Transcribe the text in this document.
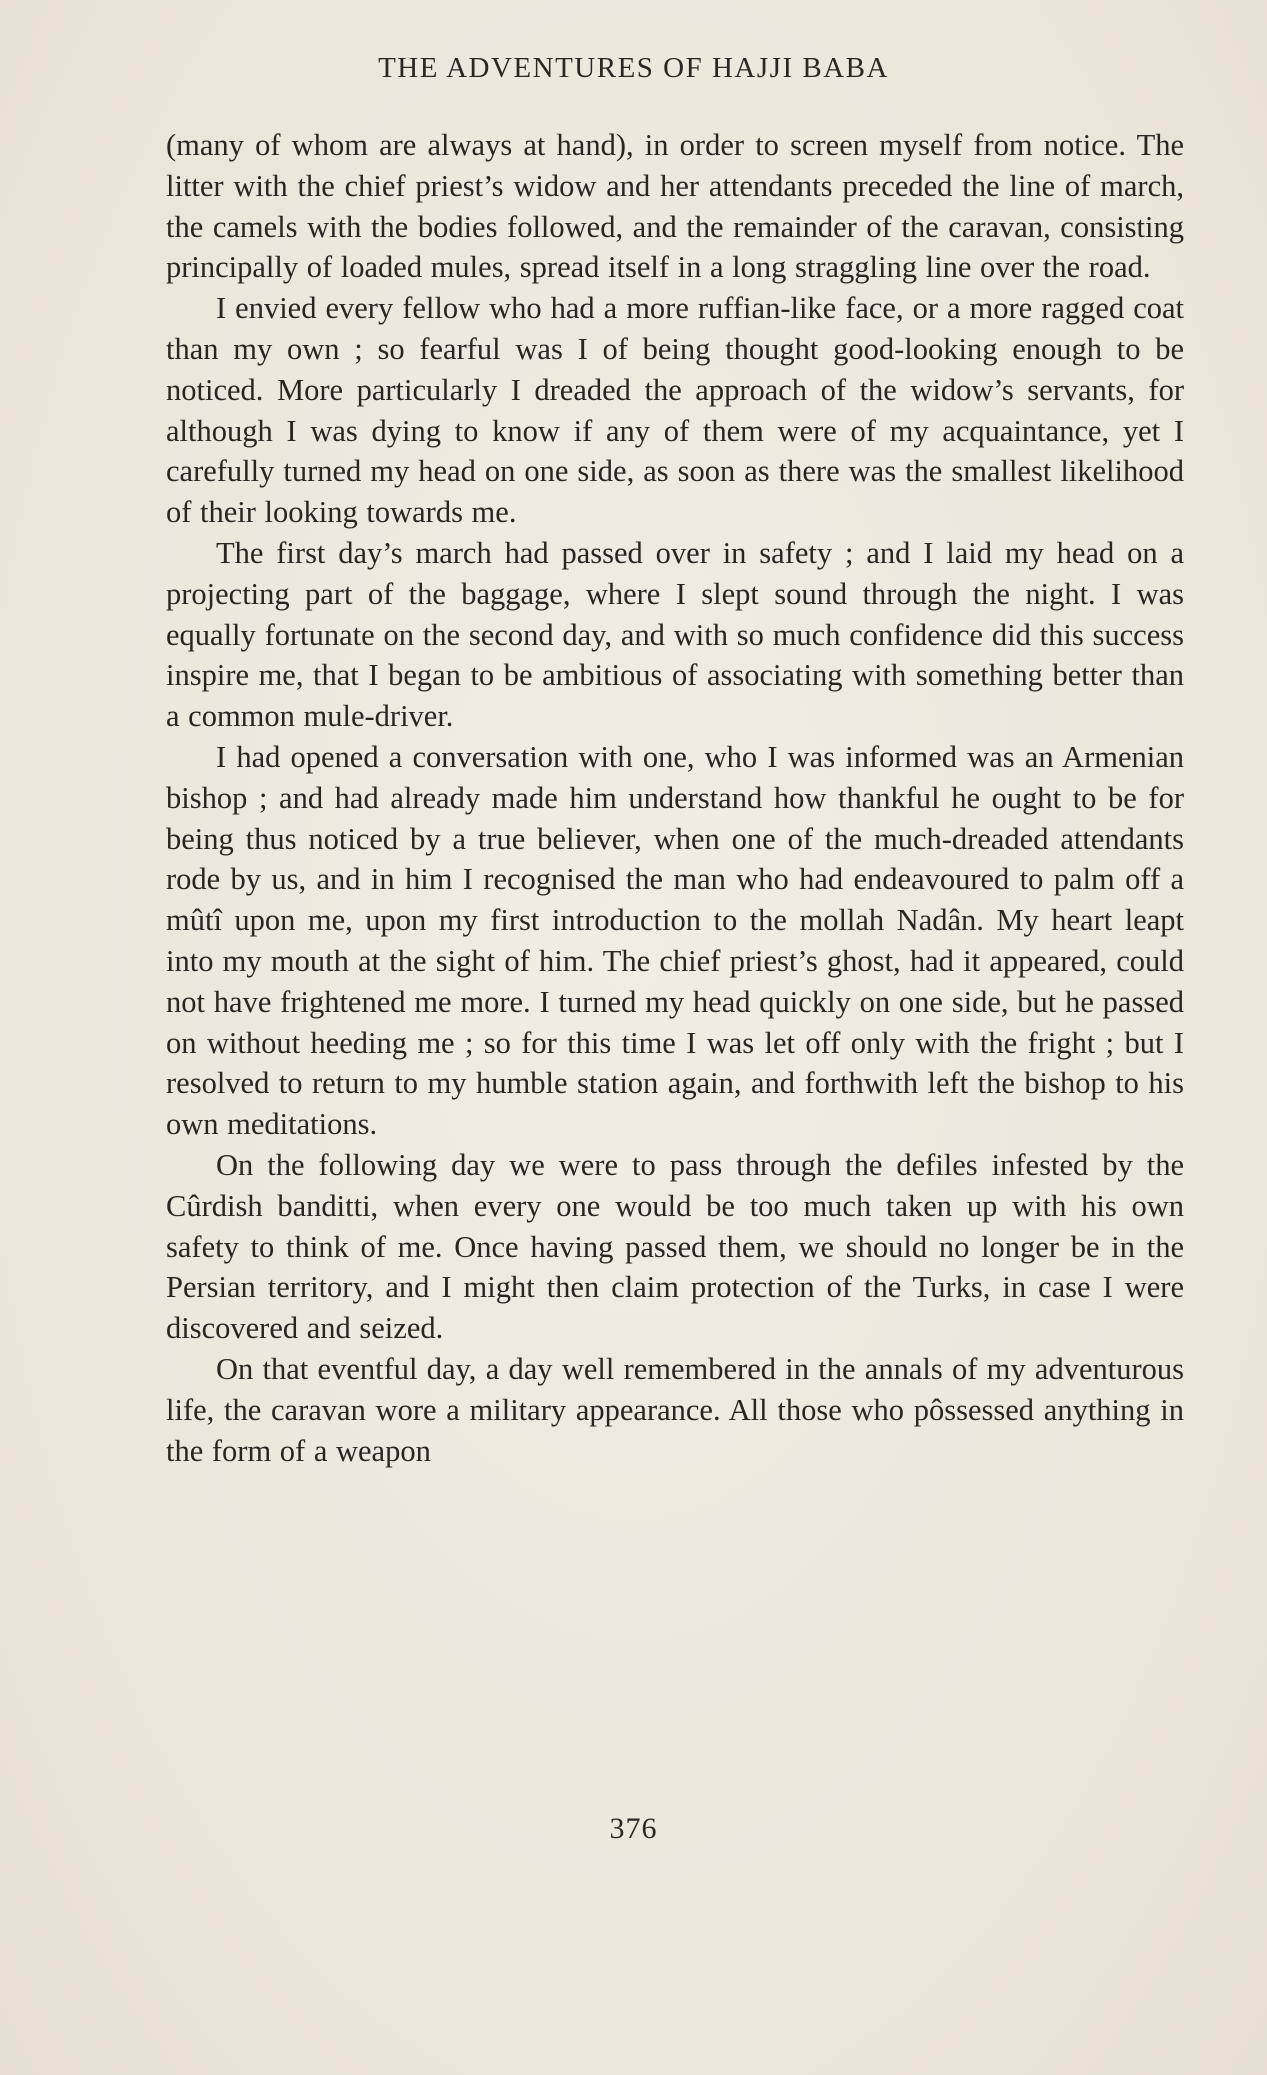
THE ADVENTURES OF HAJJI BABA

(many of whom are always at hand), in order to screen myself from notice. The litter with the chief priest’s widow and her attendants preceded the line of march, the camels with the bodies followed, and the remainder of the caravan, consisting principally of loaded mules, spread itself in a long straggling line over the road.

I envied every fellow who had a more ruffian-like face, or a more ragged coat than my own ; so fearful was I of being thought good-looking enough to be noticed. More particularly I dreaded the approach of the widow’s servants, for although I was dying to know if any of them were of my acquaintance, yet I carefully turned my head on one side, as soon as there was the smallest likelihood of their looking towards me.

The first day’s march had passed over in safety ; and I laid my head on a projecting part of the baggage, where I slept sound through the night. I was equally fortunate on the second day, and with so much confidence did this success inspire me, that I began to be ambitious of associating with something better than a common mule-driver.

I had opened a conversation with one, who I was informed was an Armenian bishop ; and had already made him understand how thankful he ought to be for being thus noticed by a true believer, when one of the much-dreaded attendants rode by us, and in him I recognised the man who had endeavoured to palm off a mûtî upon me, upon my first introduction to the mollah Nadân. My heart leapt into my mouth at the sight of him. The chief priest’s ghost, had it appeared, could not have frightened me more. I turned my head quickly on one side, but he passed on without heeding me ; so for this time I was let off only with the fright ; but I resolved to return to my humble station again, and forthwith left the bishop to his own meditations.

On the following day we were to pass through the defiles infested by the Cûrdish banditti, when every one would be too much taken up with his own safety to think of me. Once having passed them, we should no longer be in the Persian territory, and I might then claim protection of the Turks, in case I were discovered and seized.

On that eventful day, a day well remembered in the annals of my adventurous life, the caravan wore a military appearance. All those who pôssessed anything in the form of a weapon

376
